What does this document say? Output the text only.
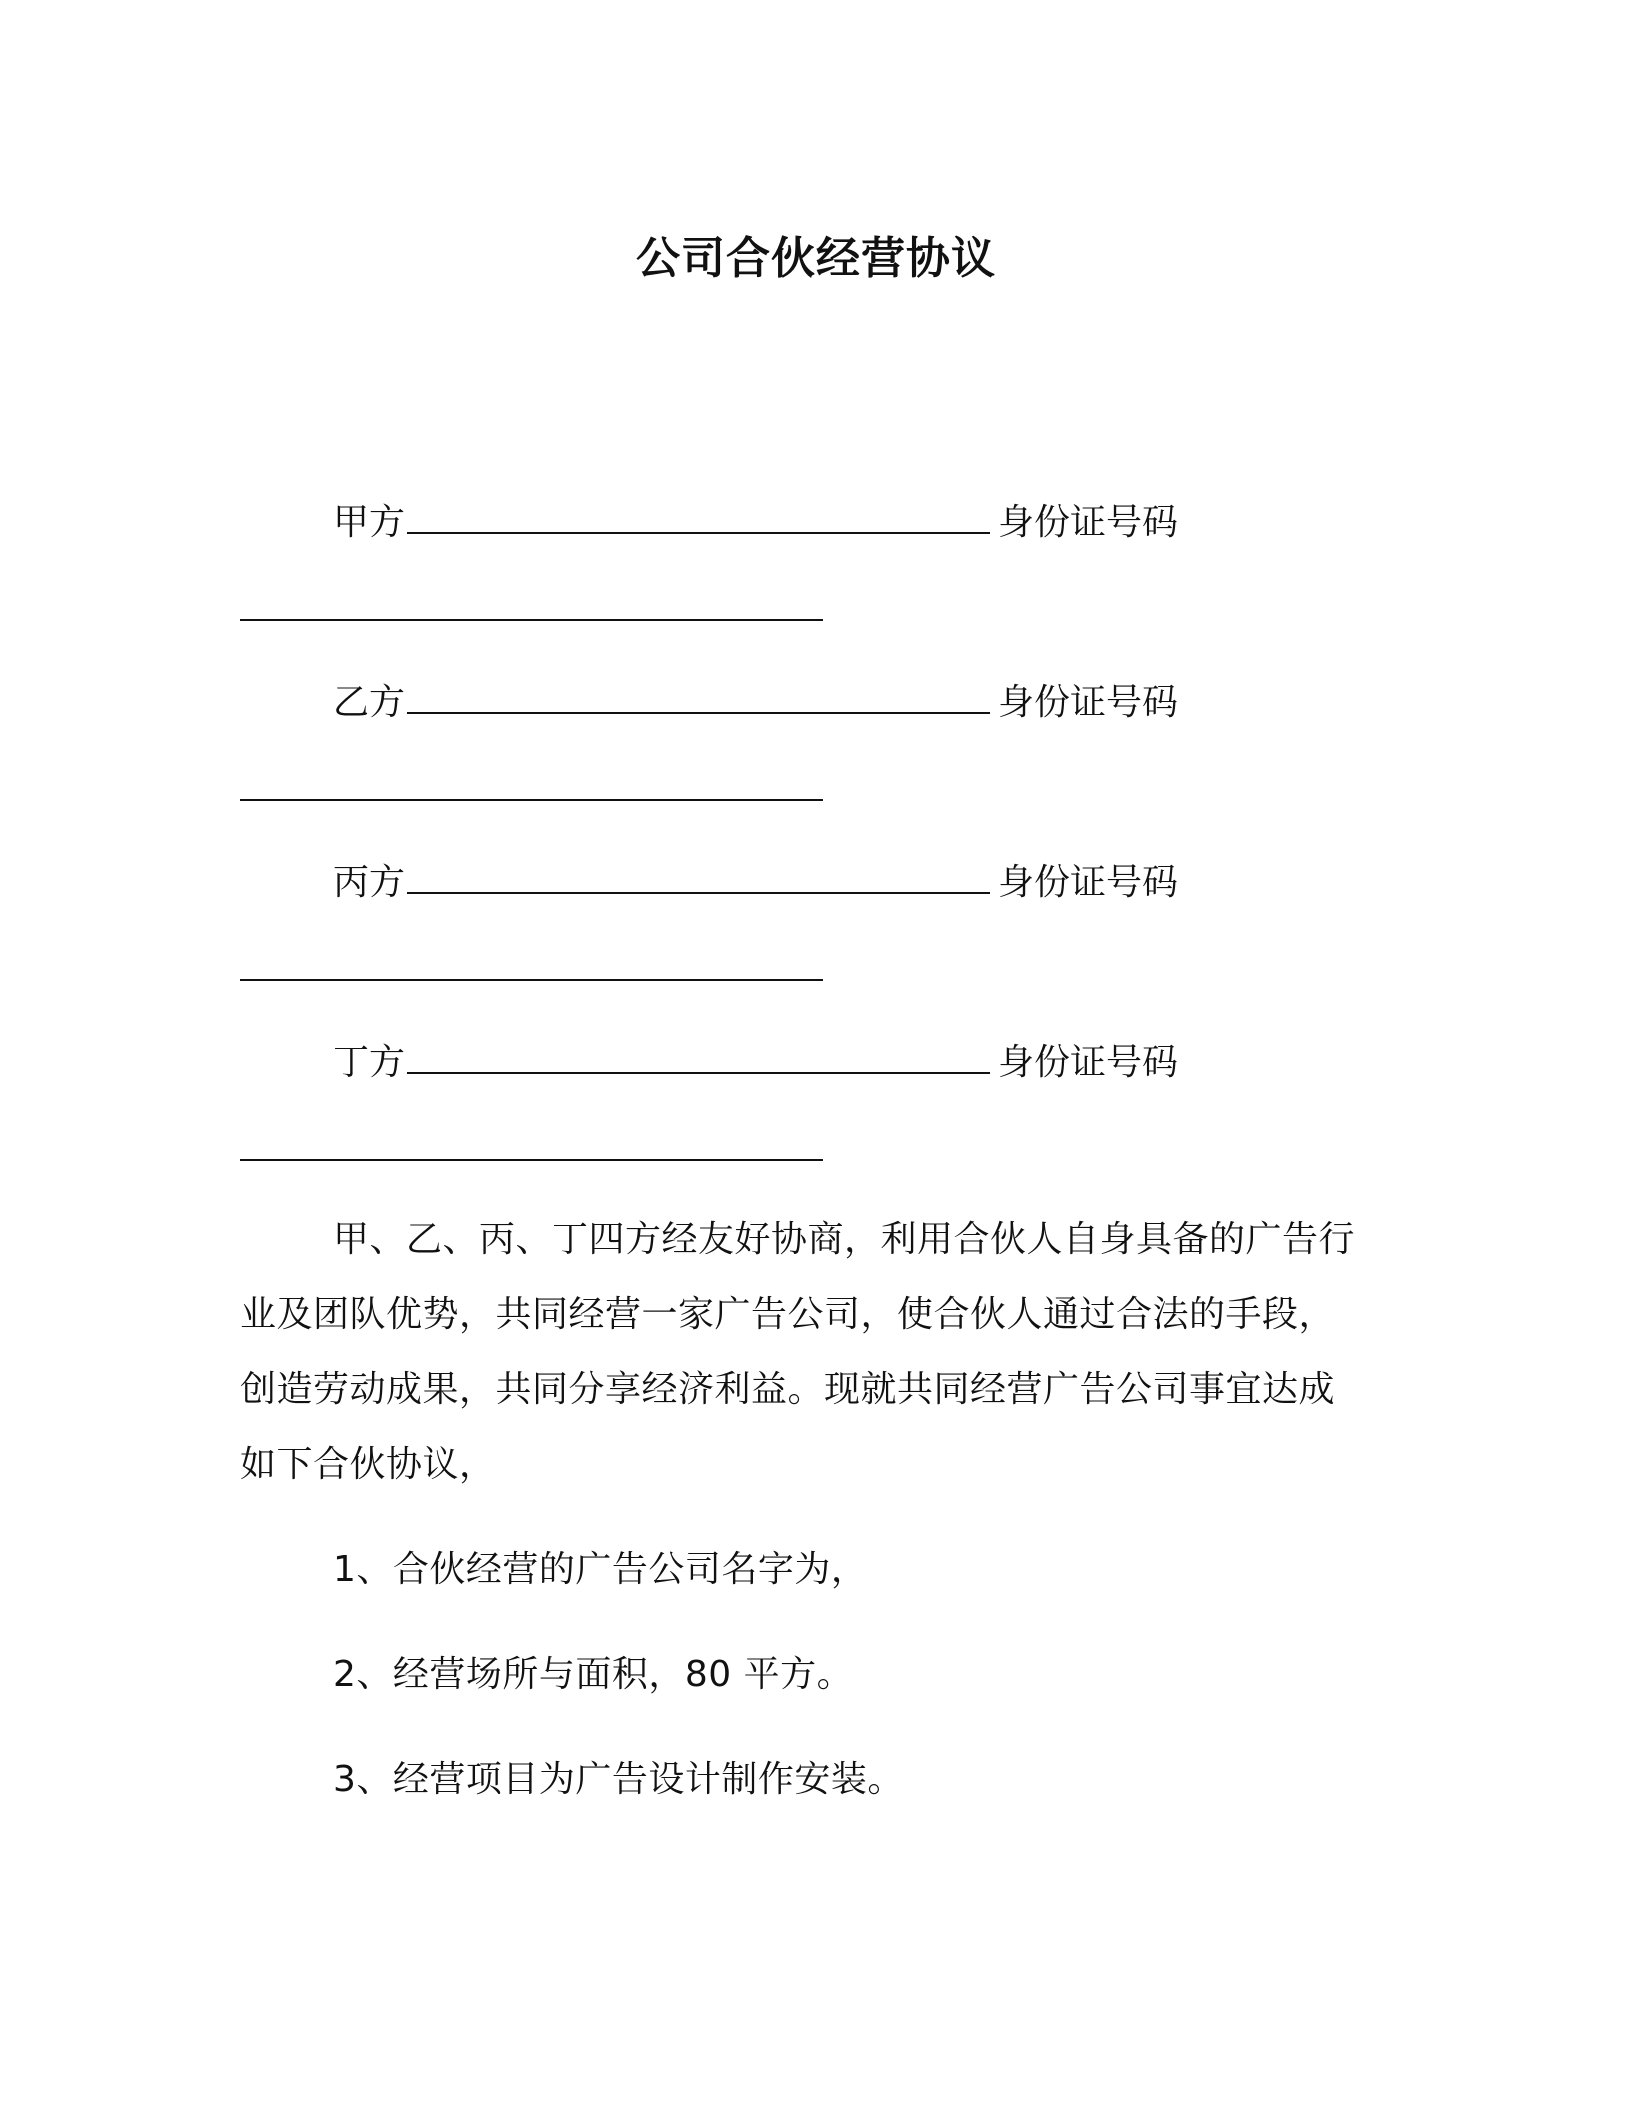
公司合伙经营协议
甲方	身份证号码
乙方	身份证号码
丙方	身份证号码
丁方	身份证号码
甲、乙、丙、丁四方经友好协商，利用合伙人自身具备的广告行
业及团队优势，共同经营一家广告公司，使合伙人通过合法的手段，
创造劳动成果，共同分享经济利益。现就共同经营广告公司事宜达成
如下合伙协议，
1、合伙经营的广告公司名字为，
2、经营场所与面积，80 平方。
3、经营项目为广告设计制作安装。
